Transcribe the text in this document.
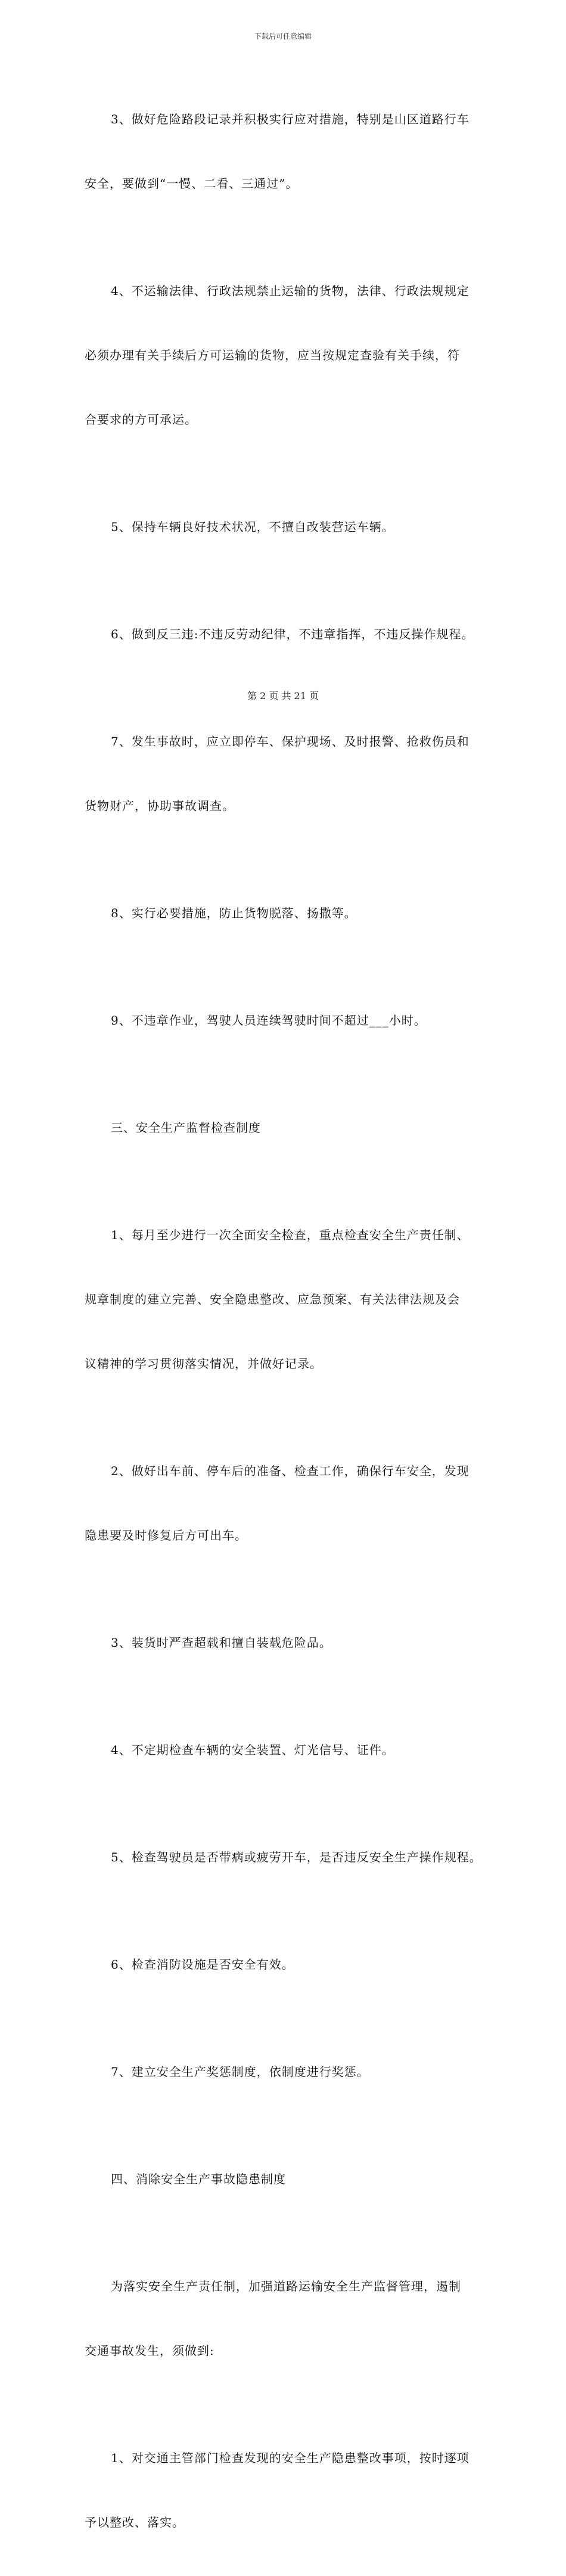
下载后可任意编辑

3、做好危险路段记录并积极实行应对措施，特别是山区道路行车

安全，要做到“一慢、二看、三通过”。

4、不运输法律、行政法规禁止运输的货物，法律、行政法规规定

必须办理有关手续后方可运输的货物，应当按规定查验有关手续，符

合要求的方可承运。

5、保持车辆良好技术状况，不擅自改装营运车辆。

6、做到反三违:不违反劳动纪律，不违章指挥，不违反操作规程。

7、发生事故时，应立即停车、保护现场、及时报警、抢救伤员和

货物财产，协助事故调查。

8、实行必要措施，防止货物脱落、扬撒等。

9、不违章作业，驾驶人员连续驾驶时间不超过___小时。

三、安全生产监督检查制度

1、每月至少进行一次全面安全检查，重点检查安全生产责任制、

规章制度的建立完善、安全隐患整改、应急预案、有关法律法规及会

议精神的学习贯彻落实情况，并做好记录。

2、做好出车前、停车后的准备、检查工作，确保行车安全，发现

隐患要及时修复后方可出车。

3、装货时严查超载和擅自装载危险品。

4、不定期检查车辆的安全装置、灯光信号、证件。

5、检查驾驶员是否带病或疲劳开车，是否违反安全生产操作规程。

6、检查消防设施是否安全有效。

7、建立安全生产奖惩制度，依制度进行奖惩。

四、消除安全生产事故隐患制度

为落实安全生产责任制，加强道路运输安全生产监督管理，遏制

交通事故发生，须做到:

1、对交通主管部门检查发现的安全生产隐患整改事项，按时逐项

予以整改、落实。

第 2 页 共 21 页
